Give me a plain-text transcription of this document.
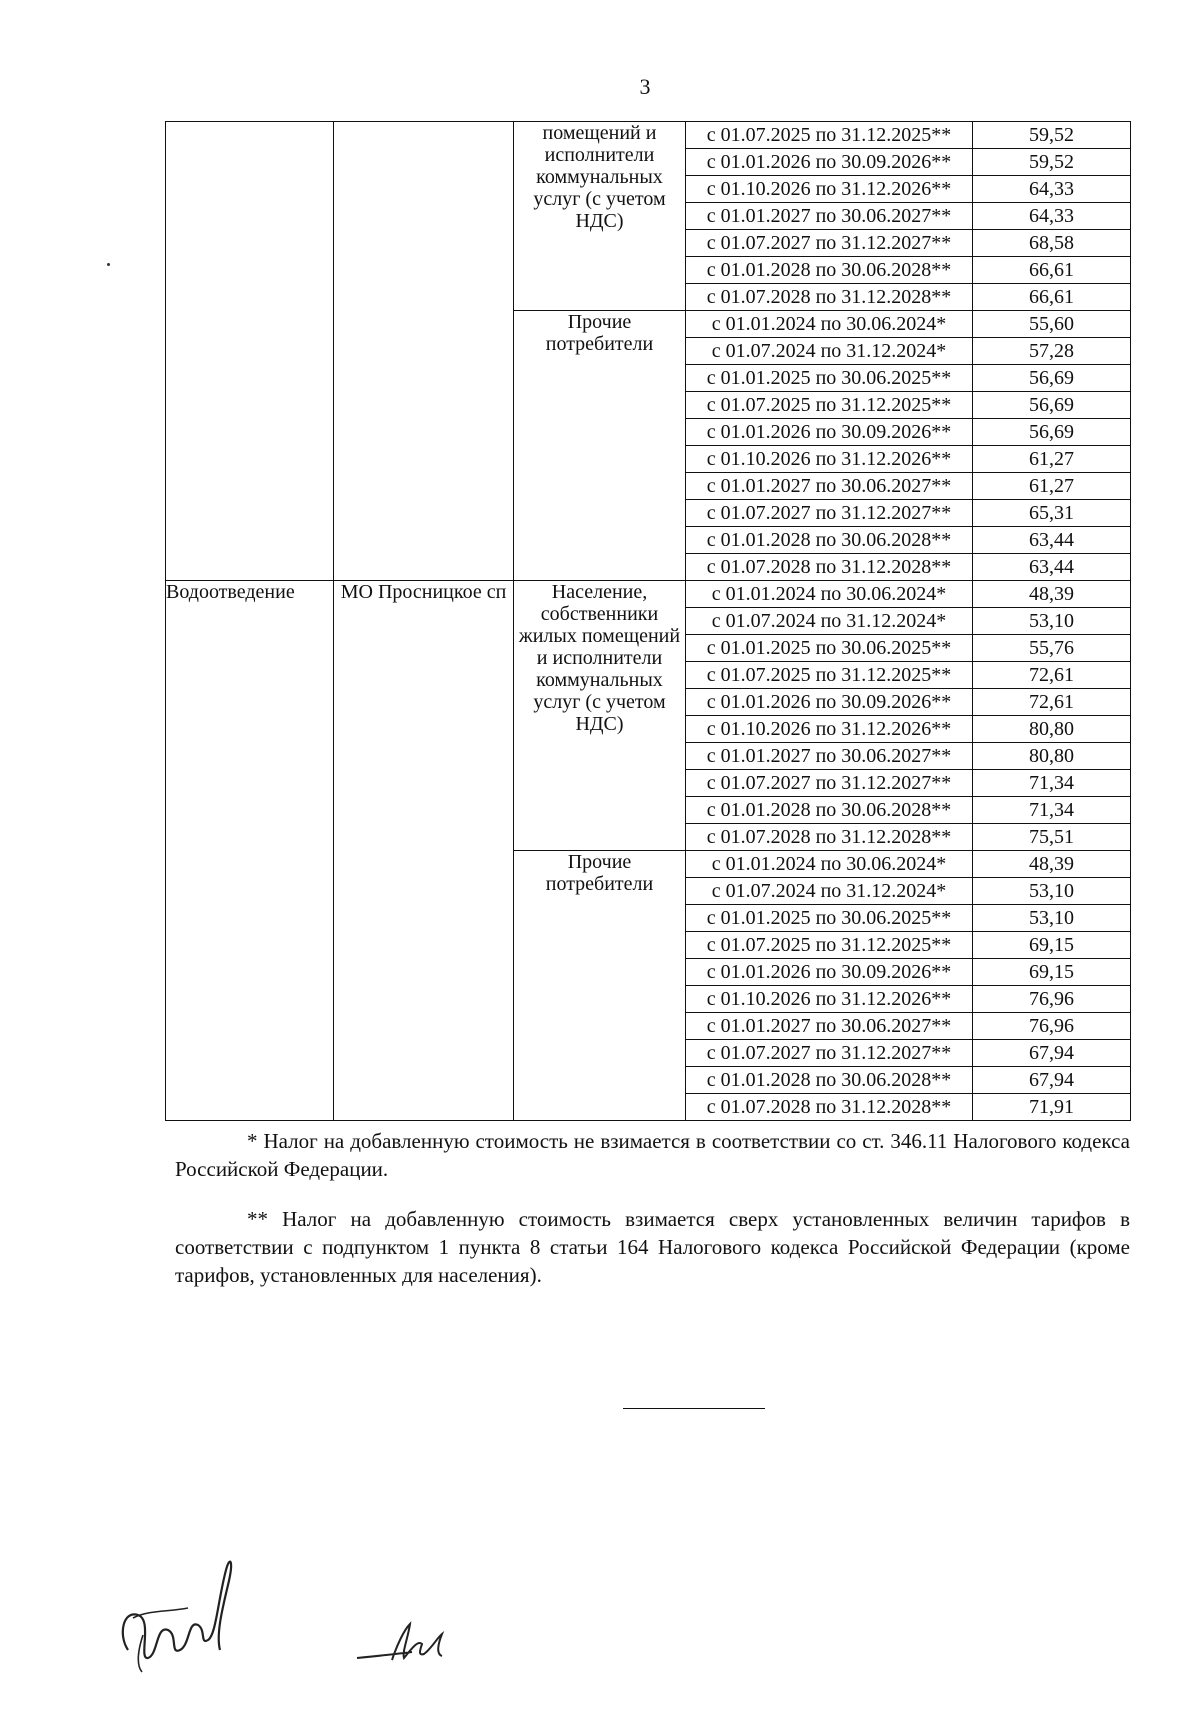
3
		помещений и исполнители коммунальных услуг (с учетом НДС)	с 01.07.2025 по 31.12.2025**	59,52
			с 01.01.2026 по 30.09.2026**	59,52
			с 01.10.2026 по 31.12.2026**	64,33
			с 01.01.2027 по 30.06.2027**	64,33
			с 01.07.2027 по 31.12.2027**	68,58
			с 01.01.2028 по 30.06.2028**	66,61
			с 01.07.2028 по 31.12.2028**	66,61
		Прочие потребители	с 01.01.2024 по 30.06.2024*	55,60
			с 01.07.2024 по 31.12.2024*	57,28
			с 01.01.2025 по 30.06.2025**	56,69
			с 01.07.2025 по 31.12.2025**	56,69
			с 01.01.2026 по 30.09.2026**	56,69
			с 01.10.2026 по 31.12.2026**	61,27
			с 01.01.2027 по 30.06.2027**	61,27
			с 01.07.2027 по 31.12.2027**	65,31
			с 01.01.2028 по 30.06.2028**	63,44
			с 01.07.2028 по 31.12.2028**	63,44
Водоотведение	МО Просницкое сп	Население, собственники жилых помещений и исполнители коммунальных услуг (с учетом НДС)	с 01.01.2024 по 30.06.2024*	48,39
			с 01.07.2024 по 31.12.2024*	53,10
			с 01.01.2025 по 30.06.2025**	55,76
			с 01.07.2025 по 31.12.2025**	72,61
			с 01.01.2026 по 30.09.2026**	72,61
			с 01.10.2026 по 31.12.2026**	80,80
			с 01.01.2027 по 30.06.2027**	80,80
			с 01.07.2027 по 31.12.2027**	71,34
			с 01.01.2028 по 30.06.2028**	71,34
			с 01.07.2028 по 31.12.2028**	75,51
		Прочие потребители	с 01.01.2024 по 30.06.2024*	48,39
			с 01.07.2024 по 31.12.2024*	53,10
			с 01.01.2025 по 30.06.2025**	53,10
			с 01.07.2025 по 31.12.2025**	69,15
			с 01.01.2026 по 30.09.2026**	69,15
			с 01.10.2026 по 31.12.2026**	76,96
			с 01.01.2027 по 30.06.2027**	76,96
			с 01.07.2027 по 31.12.2027**	67,94
			с 01.01.2028 по 30.06.2028**	67,94
			с 01.07.2028 по 31.12.2028**	71,91

* Налог на добавленную стоимость не взимается в соответствии со ст. 346.11 Налогового кодекса Российской Федерации.

** Налог на добавленную стоимость взимается сверх установленных величин тарифов в соответствии с подпунктом 1 пункта 8 статьи 164 Налогового кодекса Российской Федерации (кроме тарифов, установленных для населения).
